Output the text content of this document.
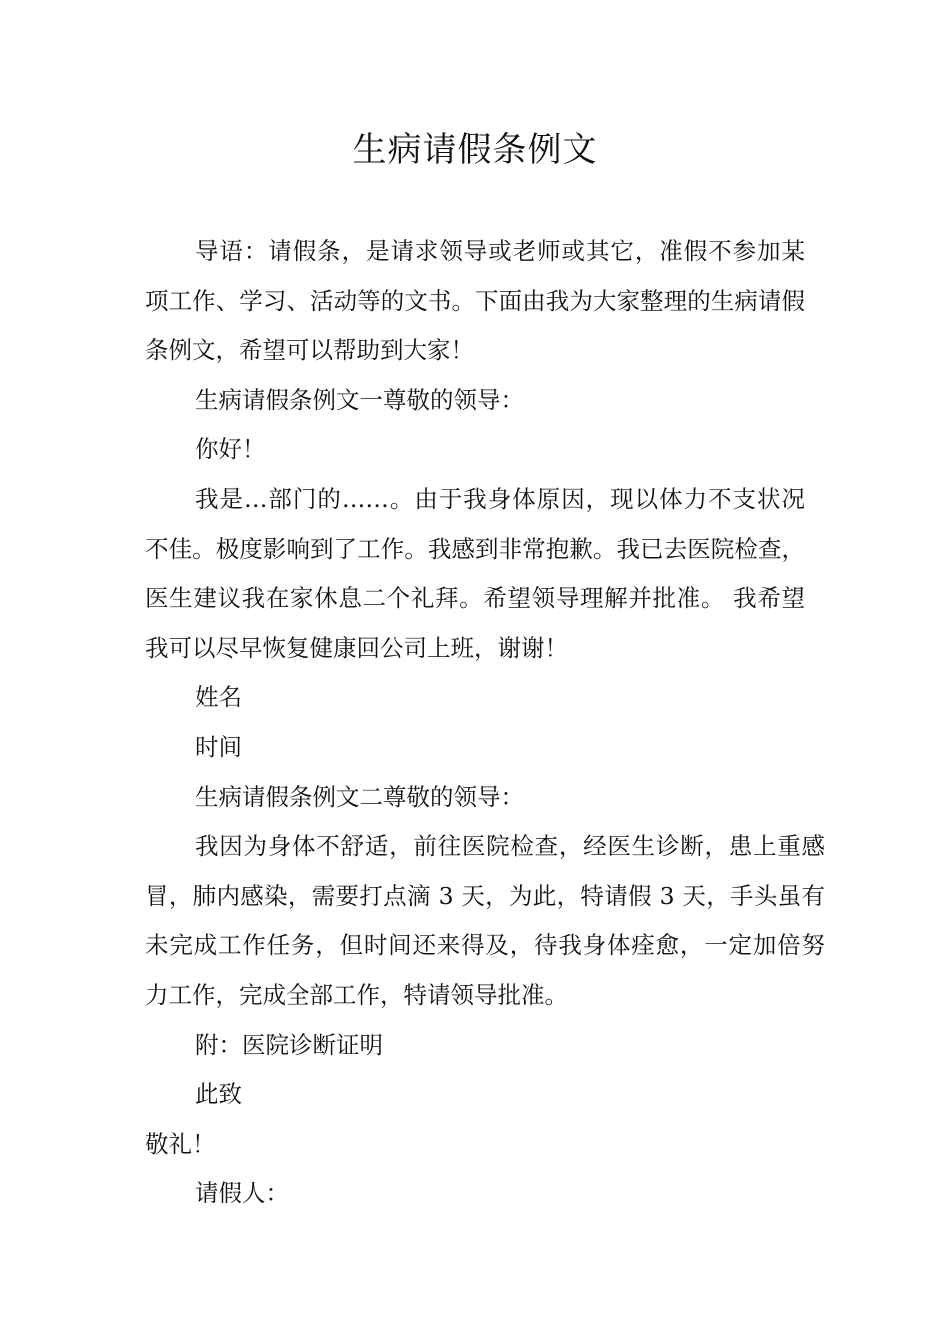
生病请假条例文

导语：请假条，是请求领导或老师或其它，准假不参加某项工作、学习、活动等的文书。下面由我为大家整理的生病请假条例文，希望可以帮助到大家！

生病请假条例文一尊敬的领导：

你好！

我是…部门的……。由于我身体原因，现以体力不支状况不佳。极度影响到了工作。我感到非常抱歉。我已去医院检查，医生建议我在家休息二个礼拜。希望领导理解并批准。 我希望我可以尽早恢复健康回公司上班，谢谢！

姓名

时间

生病请假条例文二尊敬的领导：

我因为身体不舒适，前往医院检查，经医生诊断，患上重感冒，肺内感染，需要打点滴 3 天，为此，特请假 3 天，手头虽有未完成工作任务，但时间还来得及，待我身体痊愈，一定加倍努力工作，完成全部工作，特请领导批准。

附：医院诊断证明

此致

敬礼！

请假人：
